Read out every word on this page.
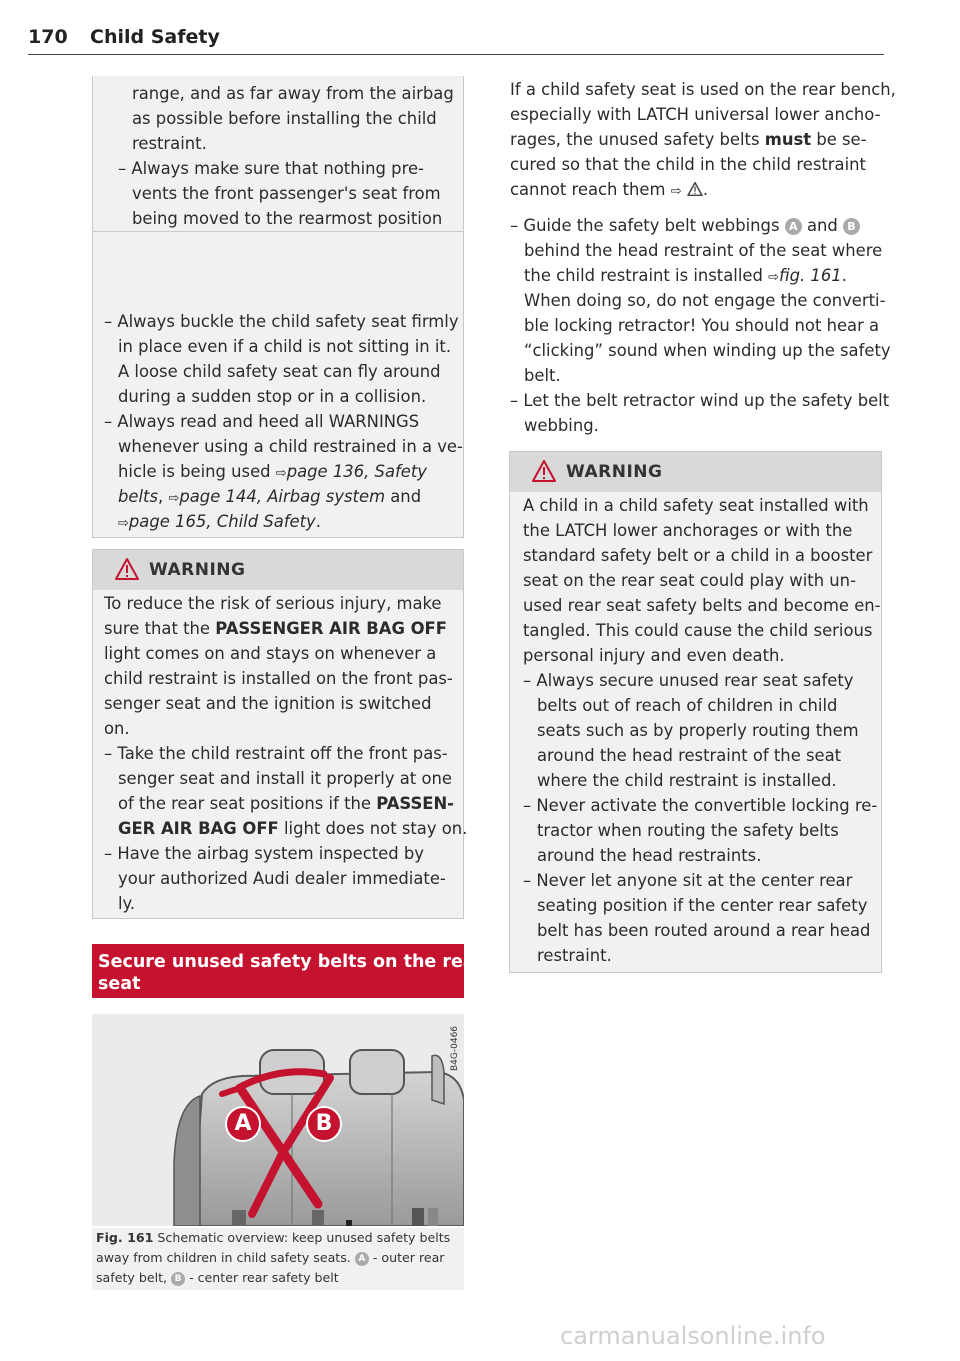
170 Child Safety
range, and as far away from the airbag
as possible before installing the child
restraint.
– Always make sure that nothing pre-
vents the front passenger's seat from
being moved to the rearmost position
– Always buckle the child safety seat firmly
in place even if a child is not sitting in it.
A loose child safety seat can fly around
during a sudden stop or in a collision.
– Always read and heed all WARNINGS
whenever using a child restrained in a ve-
hicle is being used ⇨page 136, Safety
belts, ⇨page 144, Airbag system and
⇨page 165, Child Safety.
WARNING
To reduce the risk of serious injury, make
sure that the PASSENGER AIR BAG OFF
light comes on and stays on whenever a
child restraint is installed on the front pas-
senger seat and the ignition is switched
on.
– Take the child restraint off the front pas-
senger seat and install it properly at one
of the rear seat positions if the PASSEN-
GER AIR BAG OFF light does not stay on.
– Have the airbag system inspected by
your authorized Audi dealer immediate-
ly.
Secure unused safety belts on the rear
seat
A	B
B4G-0466
Fig. 161 Schematic overview: keep unused safety belts
away from children in child safety seats. A - outer rear
safety belt, B - center rear safety belt
If a child safety seat is used on the rear bench,
especially with LATCH universal lower ancho-
rages, the unused safety belts must be se-
cured so that the child in the child restraint
cannot reach them ⇨ .
– Guide the safety belt webbings A and B
behind the head restraint of the seat where
the child restraint is installed ⇨fig. 161.
When doing so, do not engage the converti-
ble locking retractor! You should not hear a
“clicking” sound when winding up the safety
belt.
– Let the belt retractor wind up the safety belt
webbing.
WARNING
A child in a child safety seat installed with
the LATCH lower anchorages or with the
standard safety belt or a child in a booster
seat on the rear seat could play with un-
used rear seat safety belts and become en-
tangled. This could cause the child serious
personal injury and even death.
– Always secure unused rear seat safety
belts out of reach of children in child
seats such as by properly routing them
around the head restraint of the seat
where the child restraint is installed.
– Never activate the convertible locking re-
tractor when routing the safety belts
around the head restraints.
– Never let anyone sit at the center rear
seating position if the center rear safety
belt has been routed around a rear head
restraint.
carmanualsonline.info
